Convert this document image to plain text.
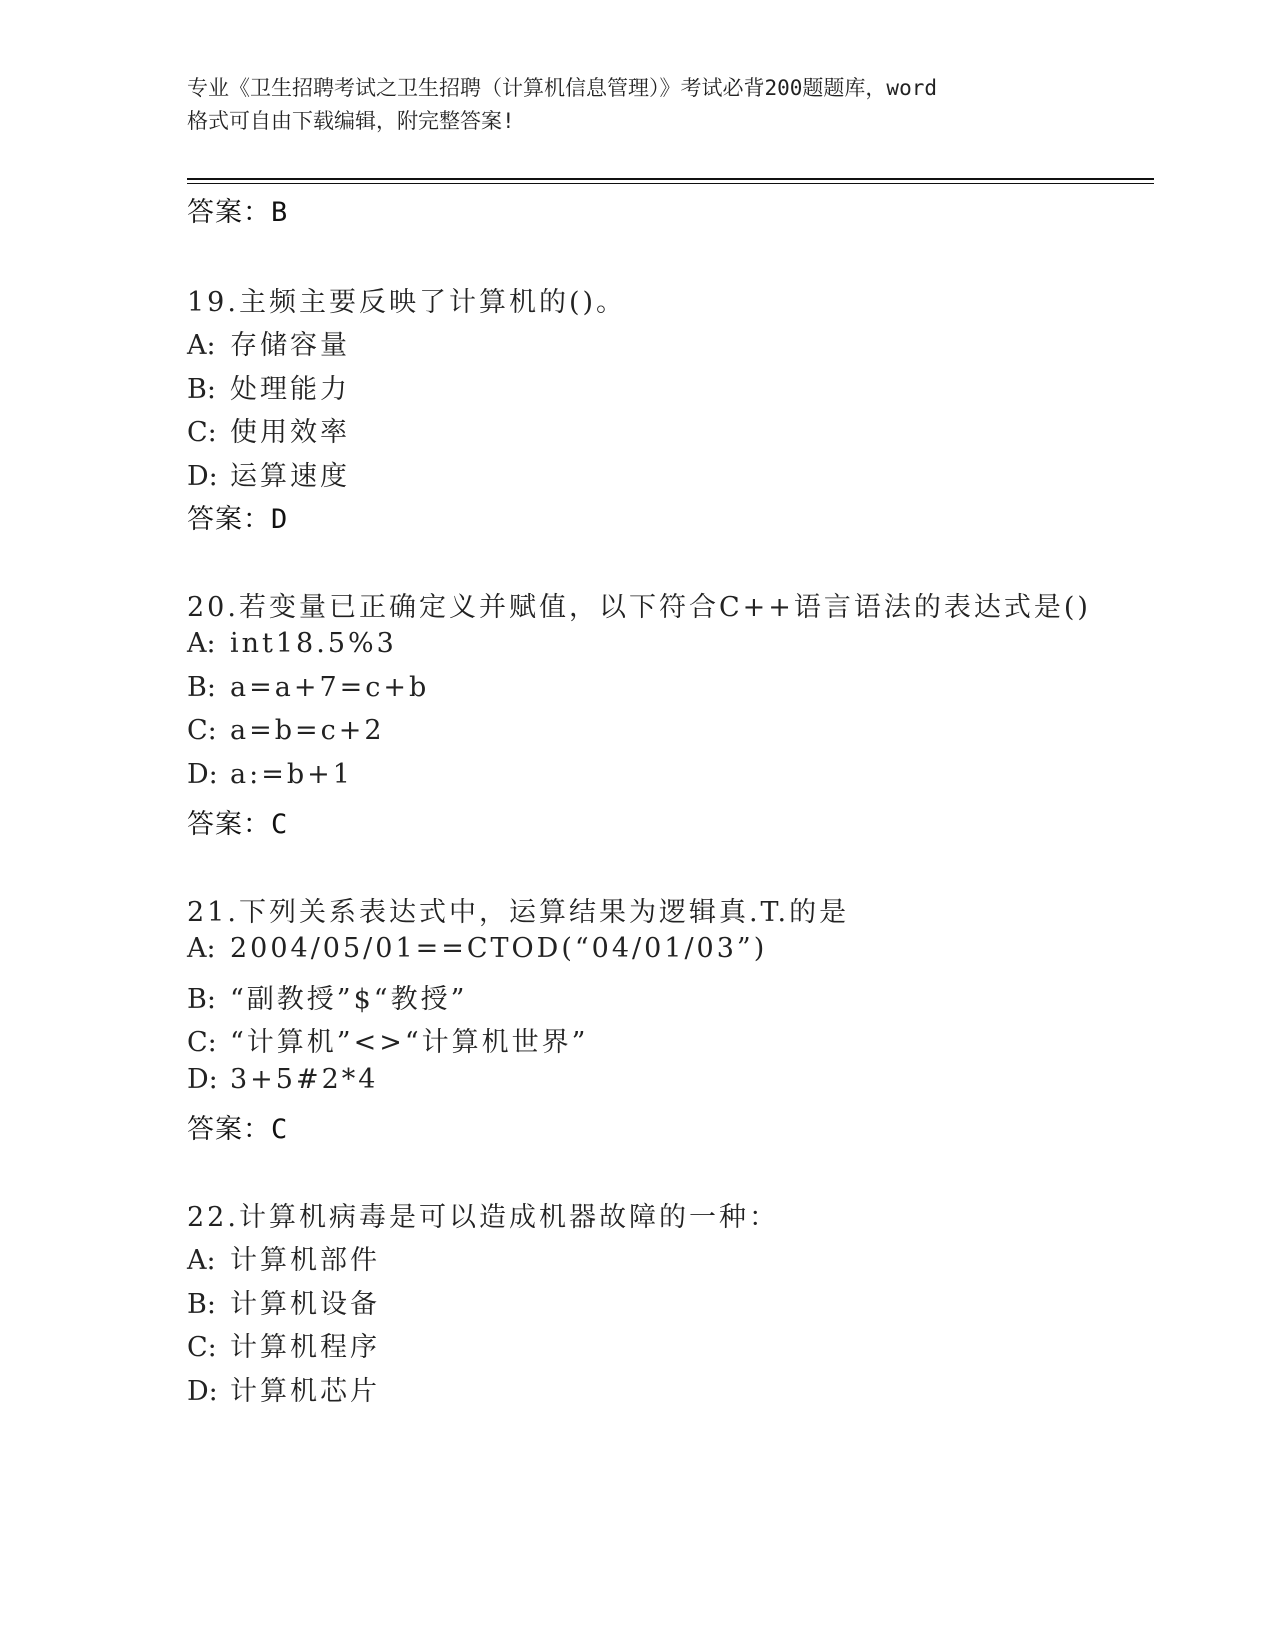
专业《卫生招聘考试之卫生招聘（计算机信息管理）》考试必背200题题库，word
格式可自由下载编辑，附完整答案!
答案：B
19.主频主要反映了计算机的()。
A: 存储容量
B: 处理能力
C: 使用效率
D: 运算速度
答案：D
20.若变量已正确定义并赋值，以下符合C++语言语法的表达式是()
A: int18.5%3
B: a=a+7=c+b
C: a=b=c+2
D: a:=b+1
答案：C
21.下列关系表达式中，运算结果为逻辑真.T.的是
A: 2004/05/01==CTOD(“04/01/03”)
B: “副教授”$“教授”
C: “计算机”<>“计算机世界”
D: 3+5#2*4
答案：C
22.计算机病毒是可以造成机器故障的一种：
A: 计算机部件
B: 计算机设备
C: 计算机程序
D: 计算机芯片
